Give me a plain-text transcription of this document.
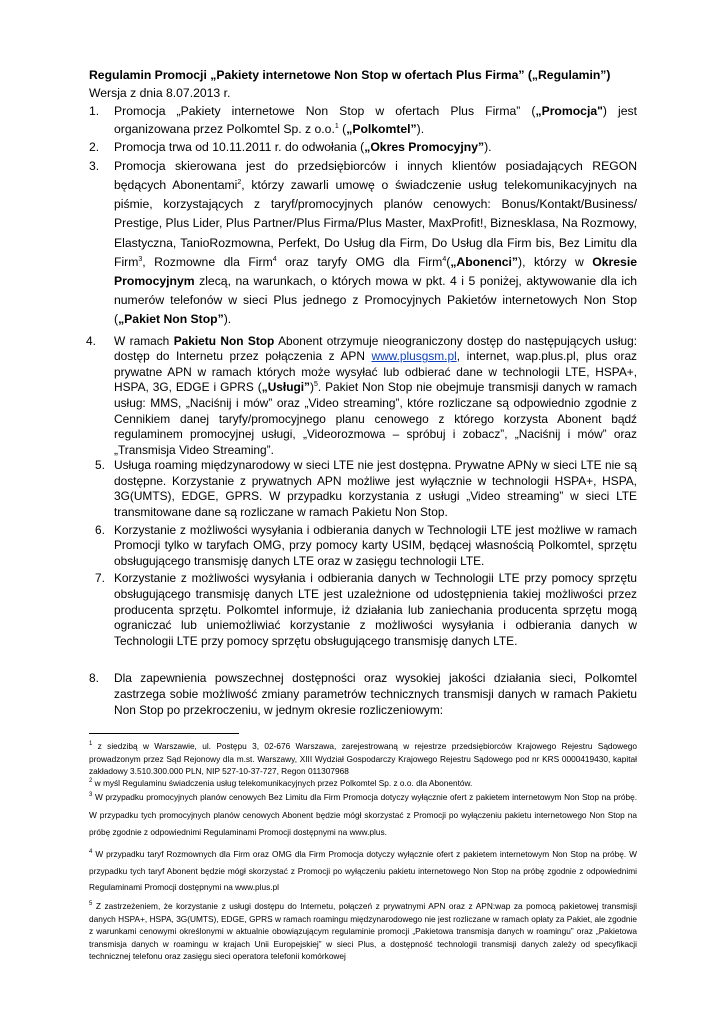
Regulamin Promocji „Pakiety internetowe Non Stop w ofertach Plus Firma” („Regulamin”)

Wersja z dnia 8.07.2013 r.

1. Promocja „Pakiety internetowe Non Stop w ofertach Plus Firma” („Promocja") jest organizowana przez Polkomtel Sp. z o.o.$^1$ („Polkomtel”).
2. Promocja trwa od 10.11.2011 r. do odwołania („Okres Promocyjny”).
3. Promocja skierowana jest do przedsiębiorców i innych klientów posiadających REGON będących Abonentami$^2$, którzy zawarli umowę o świadczenie usług telekomunikacyjnych na piśmie, korzystających z taryf/promocyjnych planów cenowych: Bonus/Kontakt/Business/ Prestige, Plus Lider, Plus Partner/Plus Firma/Plus Master, MaxProfit!, Biznesklasa, Na Rozmowy, Elastyczna, TanioRozmowna, Perfekt, Do Usług dla Firm, Do Usług dla Firm bis, Bez Limitu dla Firm$^3$, Rozmowne dla Firm$^4$ oraz taryfy OMG dla Firm$^4$(„Abonenci”), którzy w Okresie Promocyjnym zlecą, na warunkach, o których mowa w pkt. 4 i 5 poniżej, aktywowanie dla ich numerów telefonów w sieci Plus jednego z Promocyjnych Pakietów internetowych Non Stop („Pakiet Non Stop”).
4. W ramach Pakietu Non Stop Abonent otrzymuje nieograniczony dostęp do następujących usług: dostęp do Internetu przez połączenia z APN www.plusgsm.pl, internet, wap.plus.pl, plus oraz prywatne APN w ramach których może wysyłać lub odbierać dane w technologii LTE, HSPA+, HSPA, 3G, EDGE i GPRS („Usługi”)$^5$. Pakiet Non Stop nie obejmuje transmisji danych w ramach usług: MMS, „Naciśnij i mów” oraz „Video streaming”, które rozliczane są odpowiednio zgodnie z Cennikiem danej taryfy/promocyjnego planu cenowego z którego korzysta Abonent bądź regulaminem promocyjnej usługi, „Videorozmowa – spróbuj i zobacz”, „Naciśnij i mów” oraz „Transmisja Video Streaming”.
5. Usługa roaming międzynarodowy w sieci LTE nie jest dostępna. Prywatne APNy w sieci LTE nie są dostępne. Korzystanie z prywatnych APN możliwe jest wyłącznie w technologii HSPA+, HSPA, 3G(UMTS), EDGE, GPRS. W przypadku korzystania z usługi „Video streaming” w sieci LTE transmitowane dane są rozliczane w ramach Pakietu Non Stop.
6. Korzystanie z możliwości wysyłania i odbierania danych w Technologii LTE jest możliwe w ramach Promocji tylko w taryfach OMG, przy pomocy karty USIM, będącej własnością Polkomtel, sprzętu obsługującego transmisję danych LTE oraz w zasięgu technologii LTE.
7. Korzystanie z możliwości wysyłania i odbierania danych w Technologii LTE przy pomocy sprzętu obsługującego transmisję danych LTE jest uzależnione od udostępnienia takiej możliwości przez producenta sprzętu. Polkomtel informuje, iż działania lub zaniechania producenta sprzętu mogą ograniczać lub uniemożliwiać korzystanie z możliwości wysyłania i odbierania danych w Technologii LTE przy pomocy sprzętu obsługującego transmisję danych LTE.
8. Dla zapewnienia powszechnej dostępności oraz wysokiej jakości działania sieci, Polkomtel zastrzega sobie możliwość zmiany parametrów technicznych transmisji danych w ramach Pakietu Non Stop po przekroczeniu, w jednym okresie rozliczeniowym:
$^1$ z siedzibą w Warszawie, ul. Postępu 3, 02-676 Warszawa, zarejestrowaną w rejestrze przedsiębiorców Krajowego Rejestru Sądowego prowadzonym przez Sąd Rejonowy dla m.st. Warszawy, XIII Wydział Gospodarczy Krajowego Rejestru Sądowego pod nr KRS 0000419430, kapitał zakładowy 3.510.300.000 PLN, NIP 527-10-37-727, Regon 011307968
$^2$ w myśl Regulaminu świadczenia usług telekomunikacyjnych przez Polkomtel Sp. z o.o. dla Abonentów.
$^3$ W przypadku promocyjnych planów cenowych Bez Limitu dla Firm Promocja dotyczy wyłącznie ofert z pakietem internetowym Non Stop na próbę. W przypadku tych promocyjnych planów cenowych Abonent będzie mógł skorzystać z Promocji po wyłączeniu pakietu internetowego Non Stop na próbę zgodnie z odpowiednimi Regulaminami Promocji dostępnymi na www.plus.
$^4$ W przypadku taryf Rozmownych dla Firm oraz OMG dla Firm Promocja dotyczy wyłącznie ofert z pakietem internetowym Non Stop na próbę. W przypadku tych taryf Abonent będzie mógł skorzystać z Promocji po wyłączeniu pakietu internetowego Non Stop na próbę zgodnie z odpowiednimi Regulaminami Promocji dostępnymi na www.plus.pl
$^5$ Z zastrzeżeniem, że korzystanie z usługi dostępu do Internetu, połączeń z prywatnymi APN oraz z APN:wap za pomocą pakietowej transmisji danych HSPA+, HSPA, 3G(UMTS), EDGE, GPRS w ramach roamingu międzynarodowego nie jest rozliczane w ramach opłaty za Pakiet, ale zgodnie z warunkami cenowymi określonymi w aktualnie obowiązującym regulaminie promocji „Pakietowa transmisja danych w roamingu” oraz „Pakietowa transmisja danych w roamingu w krajach Unii Europejskiej” w sieci Plus, a dostępność technologii transmisji danych zależy od specyfikacji technicznej telefonu oraz zasięgu sieci operatora telefonii komórkowej
